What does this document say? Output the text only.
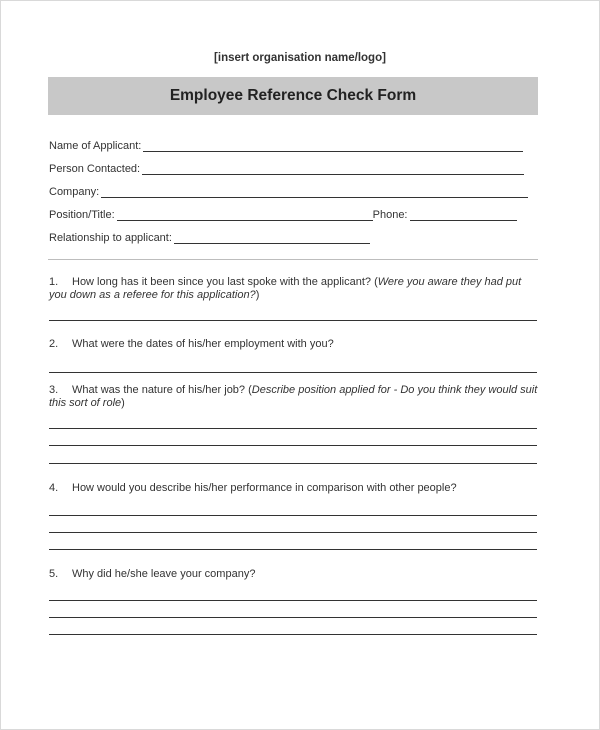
[insert organisation name/logo]
Employee Reference Check Form
Name of Applicant:
Person Contacted:
Company:
Position/Title:	Phone:
Relationship to applicant:
1. How long has it been since you last spoke with the applicant? (Were you aware they had put you down as a referee for this application?)
2. What were the dates of his/her employment with you?
3. What was the nature of his/her job? (Describe position applied for - Do you think they would suit this sort of role)
4. How would you describe his/her performance in comparison with other people?
5. Why did he/she leave your company?
